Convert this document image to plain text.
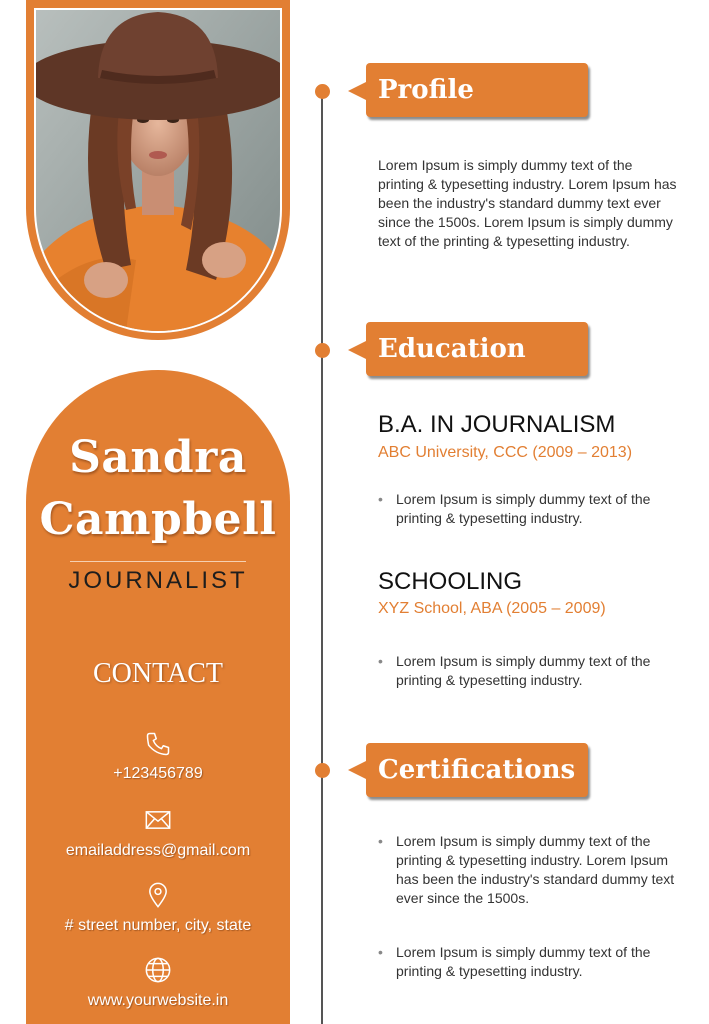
Sandra
Campbell
JOURNALIST
CONTACT
+123456789
emailaddress@gmail.com
# street number, city, state
www.yourwebsite.in
Profile
Lorem Ipsum is simply dummy text of the printing & typesetting industry. Lorem Ipsum has been the industry's standard dummy text ever since the 1500s. Lorem Ipsum is simply dummy text of the printing & typesetting industry.
Education
B.A. IN JOURNALISM
ABC University, CCC (2009 – 2013)
• Lorem Ipsum is simply dummy text of the printing & typesetting industry.
SCHOOLING
XYZ School, ABA (2005 – 2009)
• Lorem Ipsum is simply dummy text of the printing & typesetting industry.
Certifications
• Lorem Ipsum is simply dummy text of the printing & typesetting industry. Lorem Ipsum has been the industry's standard dummy text ever since the 1500s.
• Lorem Ipsum is simply dummy text of the printing & typesetting industry.
